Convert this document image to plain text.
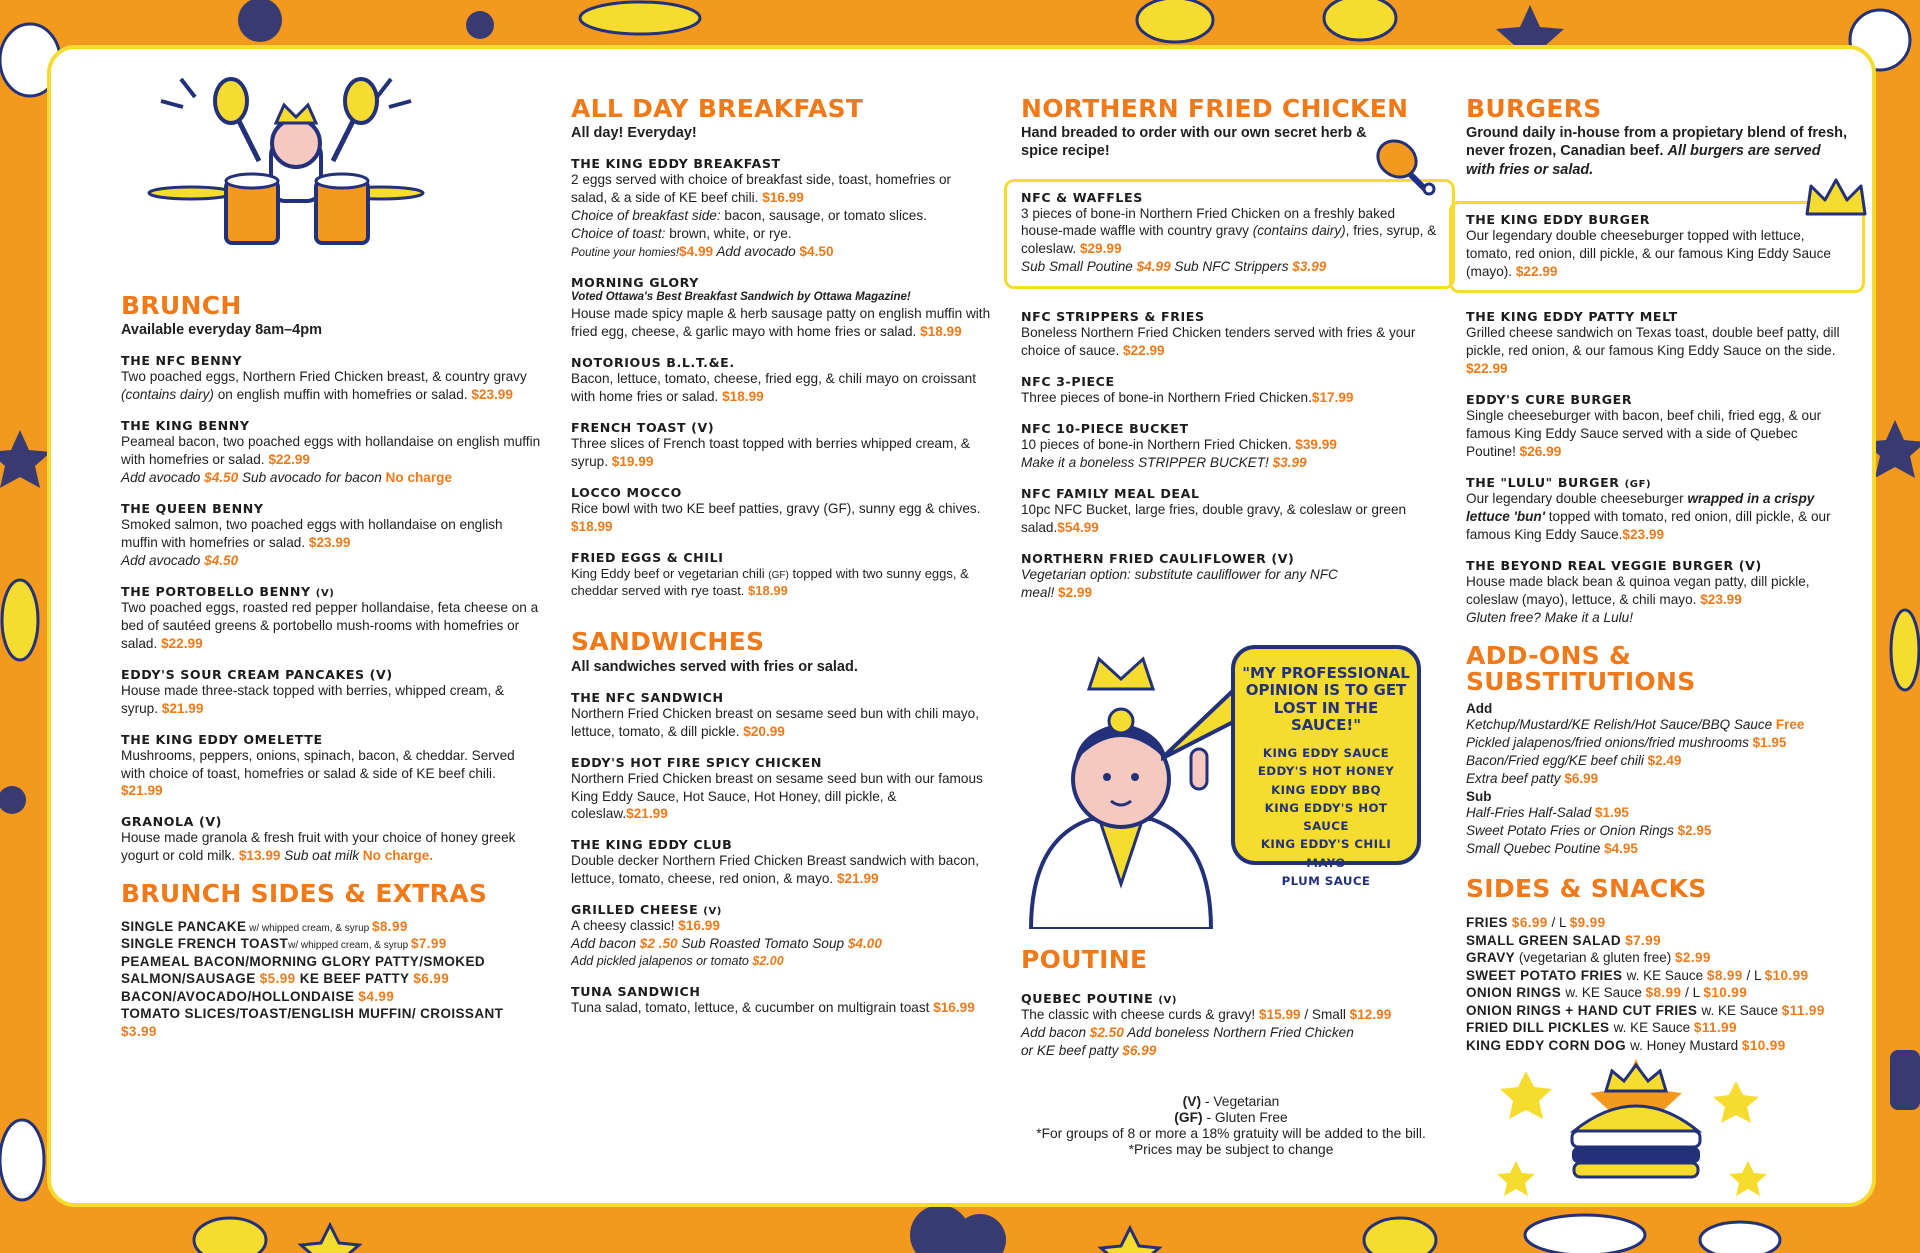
BRUNCH
Available everyday 8am–4pm
THE NFC BENNY
Two poached eggs, Northern Fried Chicken breast, & country gravy (contains dairy) on english muffin with homefries or salad. $23.99
THE KING BENNY
Peameal bacon, two poached eggs with hollandaise on english muffin with homefries or salad. $22.99
Add avocado $4.50 Sub avocado for bacon No charge
THE QUEEN BENNY
Smoked salmon, two poached eggs with hollandaise on english muffin with homefries or salad. $23.99
Add avocado $4.50
THE PORTOBELLO BENNY (V)
Two poached eggs, roasted red pepper hollandaise, feta cheese on a bed of sautéed greens & portobello mush-rooms with homefries or salad. $22.99
EDDY'S SOUR CREAM PANCAKES (V)
House made three-stack topped with berries, whipped cream, & syrup. $21.99
THE KING EDDY OMELETTE
Mushrooms, peppers, onions, spinach, bacon, & cheddar. Served with choice of toast, homefries or salad & side of KE beef chili. $21.99
GRANOLA (V)
House made granola & fresh fruit with your choice of honey greek yogurt or cold milk. $13.99 Sub oat milk No charge.
BRUNCH SIDES & EXTRAS
SINGLE PANCAKE w/ whipped cream, & syrup $8.99
SINGLE FRENCH TOASTw/ whipped cream, & syrup $7.99
PEAMEAL BACON/MORNING GLORY PATTY/SMOKED SALMON/SAUSAGE $5.99 KE BEEF PATTY $6.99
BACON/AVOCADO/HOLLONDAISE $4.99
TOMATO SLICES/TOAST/ENGLISH MUFFIN/ CROISSANT $3.99
ALL DAY BREAKFAST
All day! Everyday!
THE KING EDDY BREAKFAST
2 eggs served with choice of breakfast side, toast, homefries or salad, & a side of KE beef chili. $16.99
Choice of breakfast side: bacon, sausage, or tomato slices.
Choice of toast: brown, white, or rye.
Poutine your homies!$4.99 Add avocado $4.50
MORNING GLORY
Voted Ottawa's Best Breakfast Sandwich by Ottawa Magazine!
House made spicy maple & herb sausage patty on english muffin with fried egg, cheese, & garlic mayo with home fries or salad. $18.99
NOTORIOUS B.L.T.&E.
Bacon, lettuce, tomato, cheese, fried egg, & chili mayo on croissant with home fries or salad. $18.99
FRENCH TOAST (V)
Three slices of French toast topped with berries whipped cream, & syrup. $19.99
LOCCO MOCCO
Rice bowl with two KE beef patties, gravy (GF), sunny egg & chives. $18.99
FRIED EGGS & CHILI
King Eddy beef or vegetarian chili (GF) topped with two sunny eggs, & cheddar served with rye toast. $18.99
SANDWICHES
All sandwiches served with fries or salad.
THE NFC SANDWICH
Northern Fried Chicken breast on sesame seed bun with chili mayo, lettuce, tomato, & dill pickle. $20.99
EDDY'S HOT FIRE SPICY CHICKEN
Northern Fried Chicken breast on sesame seed bun with our famous King Eddy Sauce, Hot Sauce, Hot Honey, dill pickle, & coleslaw.$21.99
THE KING EDDY CLUB
Double decker Northern Fried Chicken Breast sandwich with bacon, lettuce, tomato, cheese, red onion, & mayo. $21.99
GRILLED CHEESE (V)
A cheesy classic! $16.99
Add bacon $2 .50 Sub Roasted Tomato Soup $4.00
Add pickled jalapenos or tomato $2.00
TUNA SANDWICH
Tuna salad, tomato, lettuce, & cucumber on multigrain toast $16.99
NORTHERN FRIED CHICKEN
Hand breaded to order with our own secret herb & spice recipe!
NFC & WAFFLES
3 pieces of bone-in Northern Fried Chicken on a freshly baked house-made waffle with country gravy (contains dairy), fries, syrup, & coleslaw. $29.99
Sub Small Poutine $4.99 Sub NFC Strippers $3.99
NFC STRIPPERS & FRIES
Boneless Northern Fried Chicken tenders served with fries & your choice of sauce. $22.99
NFC 3-PIECE
Three pieces of bone-in Northern Fried Chicken.$17.99
NFC 10-PIECE BUCKET
10 pieces of bone-in Northern Fried Chicken. $39.99
Make it a boneless STRIPPER BUCKET! $3.99
NFC FAMILY MEAL DEAL
10pc NFC Bucket, large fries, double gravy, & coleslaw or green salad.$54.99
NORTHERN FRIED CAULIFLOWER (V)
Vegetarian option: substitute cauliflower for any NFC meal! $2.99
"MY PROFESSIONAL OPINION IS TO GET LOST IN THE SAUCE!"
KING EDDY SAUCE
EDDY'S HOT HONEY
KING EDDY BBQ
KING EDDY'S HOT SAUCE
KING EDDY'S CHILI MAYO
PLUM SAUCE
POUTINE
QUEBEC POUTINE (V)
The classic with cheese curds & gravy! $15.99 / Small $12.99
Add bacon $2.50 Add boneless Northern Fried Chicken or KE beef patty $6.99
(V) - Vegetarian
(GF) - Gluten Free
*For groups of 8 or more a 18% gratuity will be added to the bill.
*Prices may be subject to change
BURGERS
Ground daily in-house from a propietary blend of fresh, never frozen, Canadian beef. All burgers are served with fries or salad.
THE KING EDDY BURGER
Our legendary double cheeseburger topped with lettuce, tomato, red onion, dill pickle, & our famous King Eddy Sauce (mayo). $22.99
THE KING EDDY PATTY MELT
Grilled cheese sandwich on Texas toast, double beef patty, dill pickle, red onion, & our famous King Eddy Sauce on the side. $22.99
EDDY'S CURE BURGER
Single cheeseburger with bacon, beef chili, fried egg, & our famous King Eddy Sauce served with a side of Quebec Poutine! $26.99
THE "LULU" BURGER (GF)
Our legendary double cheeseburger wrapped in a crispy lettuce 'bun' topped with tomato, red onion, dill pickle, & our famous King Eddy Sauce.$23.99
THE BEYOND REAL VEGGIE BURGER (V)
House made black bean & quinoa vegan patty, dill pickle, coleslaw (mayo), lettuce, & chili mayo. $23.99
Gluten free? Make it a Lulu!
ADD-ONS & SUBSTITUTIONS
Add
Ketchup/Mustard/KE Relish/Hot Sauce/BBQ Sauce Free
Pickled jalapenos/fried onions/fried mushrooms $1.95
Bacon/Fried egg/KE beef chili $2.49
Extra beef patty $6.99
Sub
Half-Fries Half-Salad $1.95
Sweet Potato Fries or Onion Rings $2.95
Small Quebec Poutine $4.95
SIDES & SNACKS
FRIES $6.99 / L $9.99
SMALL GREEN SALAD $7.99
GRAVY (vegetarian & gluten free) $2.99
SWEET POTATO FRIES w. KE Sauce $8.99 / L $10.99
ONION RINGS w. KE Sauce $8.99 / L $10.99
ONION RINGS + HAND CUT FRIES w. KE Sauce $11.99
FRIED DILL PICKLES w. KE Sauce $11.99
KING EDDY CORN DOG w. Honey Mustard $10.99
